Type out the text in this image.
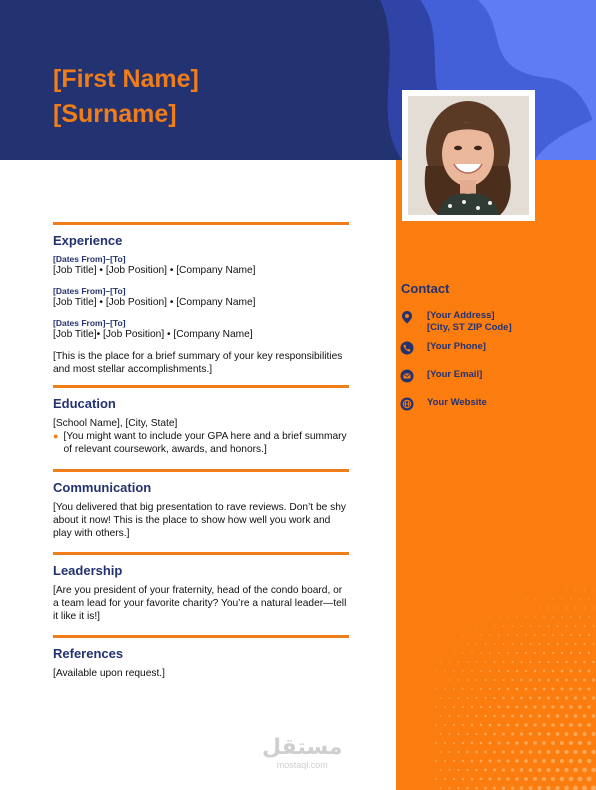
[First Name]
[Surname]
Contact
[Your Address]
[City, ST ZIP Code]
[Your Phone]
[Your Email]
Your Website
Experience
[Dates From]–[To]
[Job Title] • [Job Position] • [Company Name]
[Dates From]–[To]
[Job Title] • [Job Position] • [Company Name]
[Dates From]–[To]
[Job Title]• [Job Position] • [Company Name]
[This is the place for a brief summary of your key responsibilities and most stellar accomplishments.]
Education
[School Name], [City, State]
● [You might want to include your GPA here and a brief summary of relevant coursework, awards, and honors.]
Communication
[You delivered that big presentation to rave reviews. Don’t be shy about it now! This is the place to show how well you work and play with others.]
Leadership
[Are you president of your fraternity, head of the condo board, or a team lead for your favorite charity? You’re a natural leader—tell it like it is!]
References
[Available upon request.]
مستقل
mostaql.com
